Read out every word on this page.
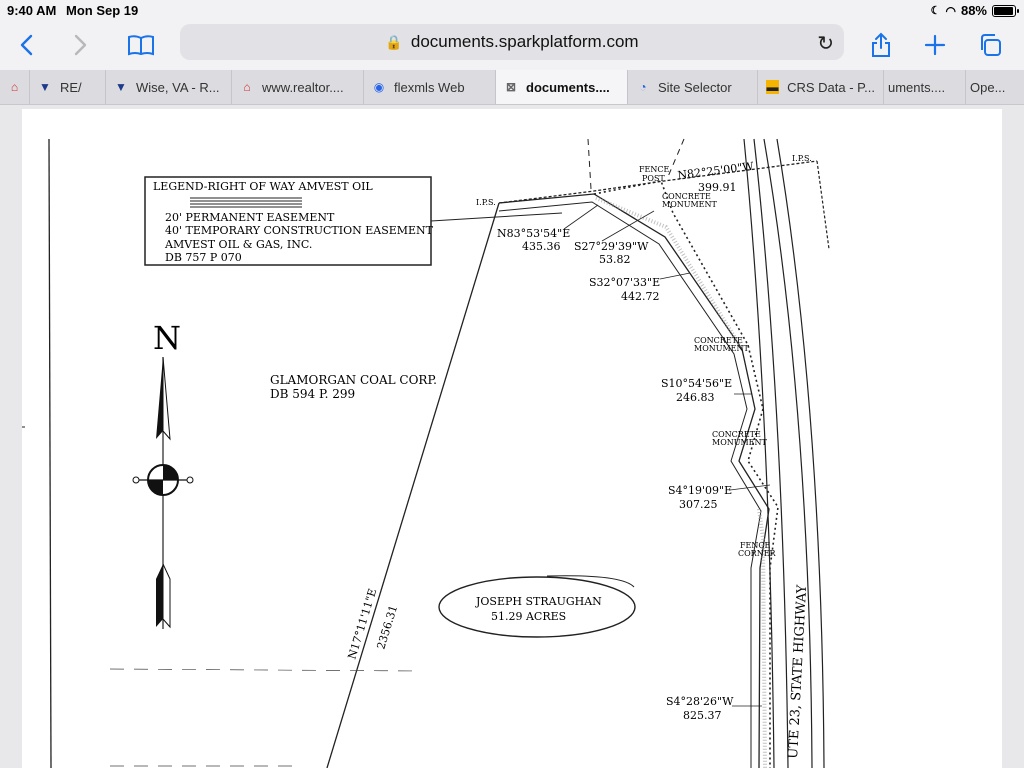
9:40 AM Mon Sep 19	☾ ◠ 88%
🔒 documents.sparkplatform.com	↻
⌂ ▼ RE/	▼ Wise, VA - R... ⌂ www.realtor....	◉ flexmls Web	⊠ documents.... ◔ Site Selector	▬ CRS Data - P... uments.... Ope...
LEGEND-RIGHT OF WAY AMVEST OIL
20' PERMANENT EASEMENT
40' TEMPORARY CONSTRUCTION EASEMENT
AMVEST OIL & GAS, INC.
DB 757 P 070
N
GLAMORGAN COAL CORP.
DB 594 P. 299
UTE 23, STATE HIGHWAY
I.P.S.
I.P.S.
FENCE
POST
CONCRETE
MONUMENT
CONCRETE
MONUMENT
CONCRETE
MONUMENT
FENCE
CORNER
N82°25'00"W
399.91
N83°53'54"E
435.36 S27°29'39"W
53.82
S32°07'33"E
442.72
S10°54'56"E
246.83
S4°19'09"E
307.25
S4°28'26"W
825.37
N17°11'11"E
2356.31
JOSEPH STRAUGHAN
51.29 ACRES
